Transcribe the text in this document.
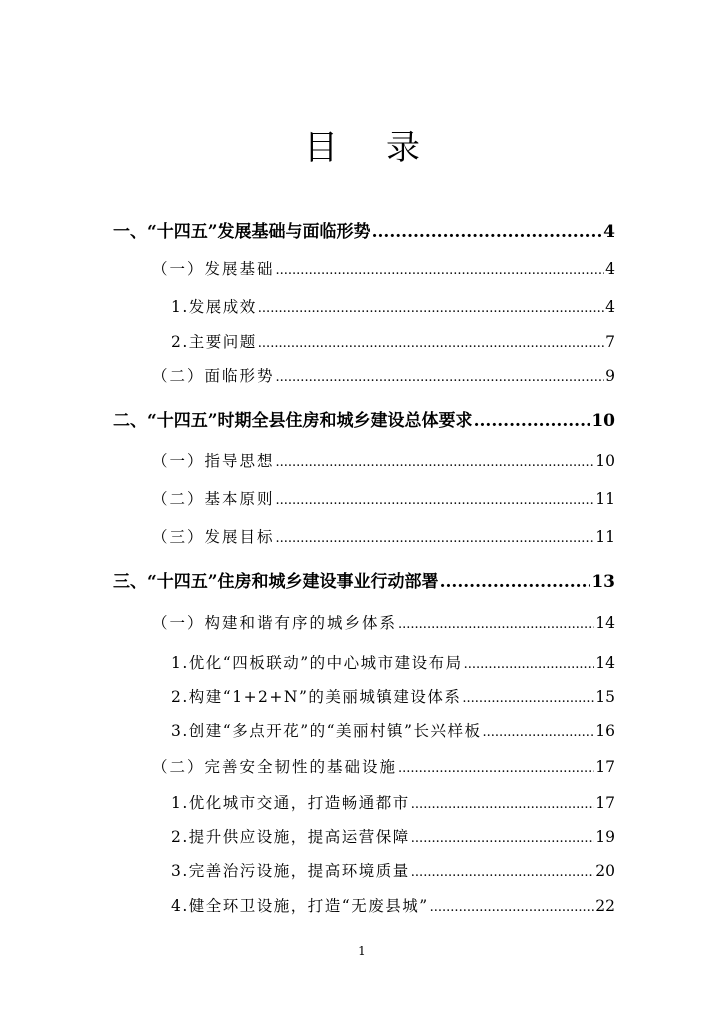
目录
一、“十四五”发展基础与面临形势 .....	4
（一）发展基础 .....	4
1.发展成效 .....	4
2.主要问题 .....	7
（二）面临形势 .....	9
二、“十四五”时期全县住房和城乡建设总体要求 .....	10
（一）指导思想 .....	10
（二）基本原则 .....	11
（三）发展目标 .....	11
三、“十四五”住房和城乡建设事业行动部署 .....	13
（一）构建和谐有序的城乡体系 .....	14
1.优化“四板联动”的中心城市建设布局 .....	14
2.构建“1+2+N”的美丽城镇建设体系 .....	15
3.创建“多点开花”的“美丽村镇”长兴样板 .....	16
（二）完善安全韧性的基础设施 .....	17
1.优化城市交通，打造畅通都市 .....	17
2.提升供应设施，提高运营保障 .....	19
3.完善治污设施，提高环境质量 .....	20
4.健全环卫设施，打造“无废县城” .....	22
1
